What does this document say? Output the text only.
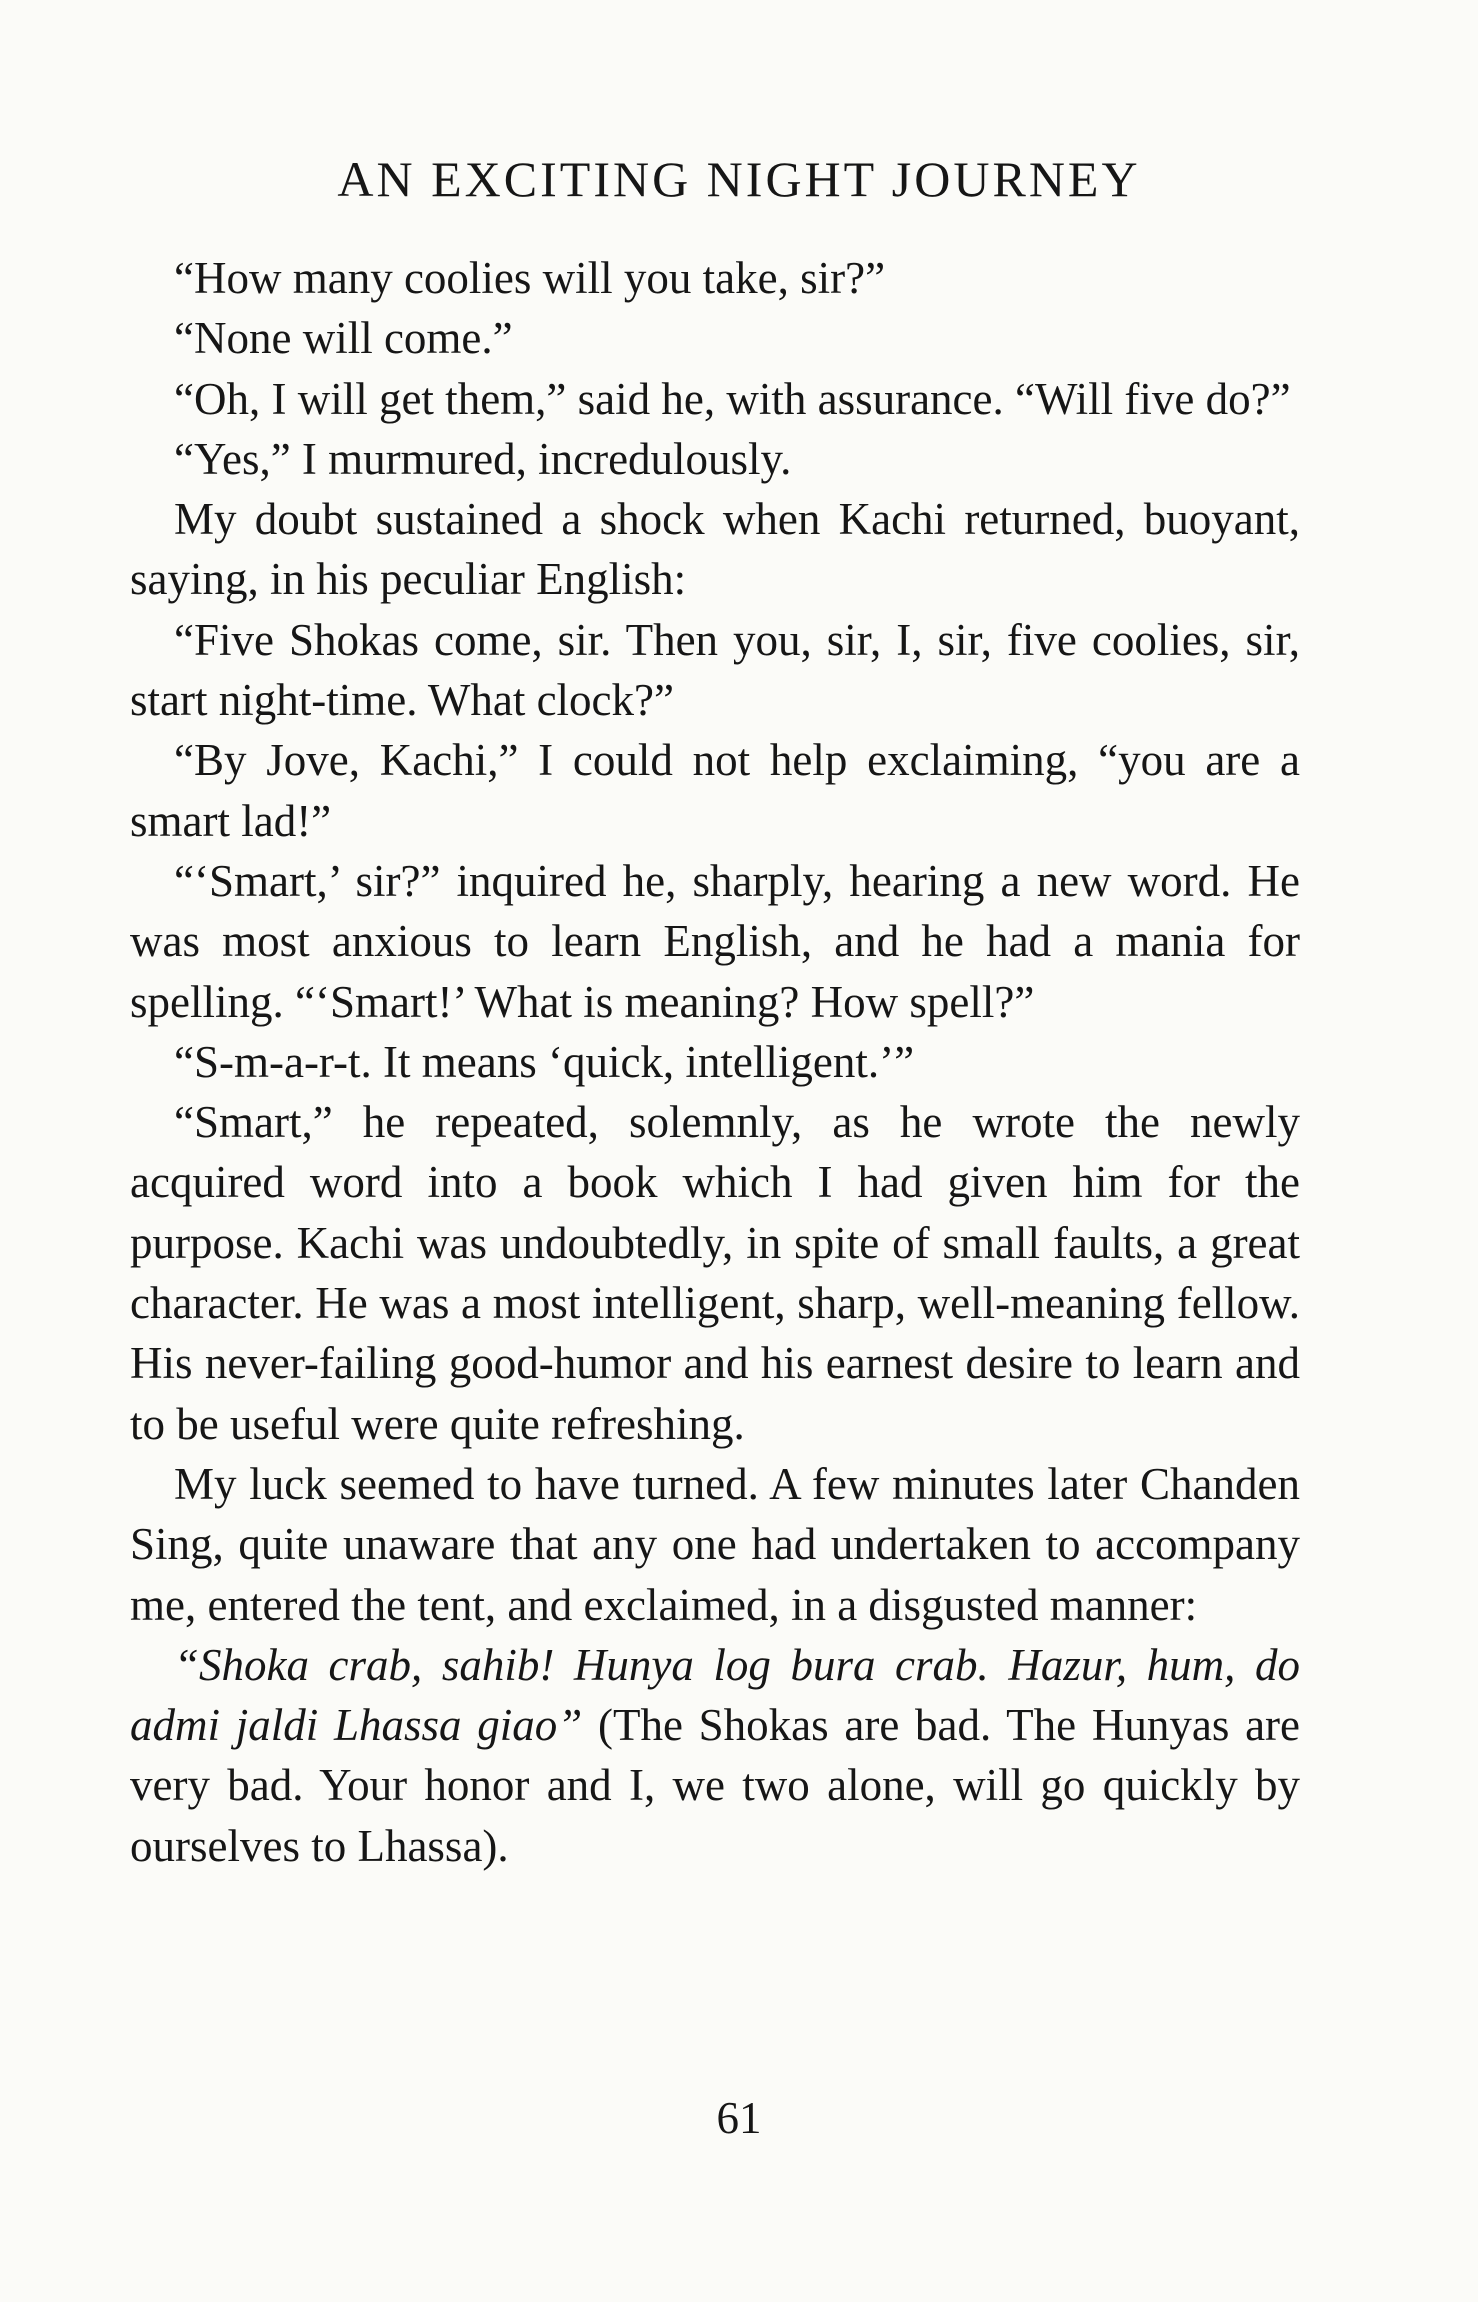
AN EXCITING NIGHT JOURNEY

“How many coolies will you take, sir?”

“None will come.”

“Oh, I will get them,” said he, with assurance. “Will five do?”

“Yes,” I murmured, incredulously.

My doubt sustained a shock when Kachi returned, buoyant, saying, in his peculiar English:

“Five Shokas come, sir. Then you, sir, I, sir, five coolies, sir, start night-time. What clock?”

“By Jove, Kachi,” I could not help exclaiming, “you are a smart lad!”

“‘Smart,’ sir?” inquired he, sharply, hearing a new word. He was most anxious to learn English, and he had a mania for spelling. “‘Smart!’ What is meaning? How spell?”

“S-m-a-r-t. It means ‘quick, intelligent.’”

“Smart,” he repeated, solemnly, as he wrote the newly acquired word into a book which I had given him for the purpose. Kachi was undoubtedly, in spite of small faults, a great character. He was a most intelligent, sharp, well-meaning fellow. His never-failing good-humor and his earnest desire to learn and to be useful were quite refreshing.

My luck seemed to have turned. A few minutes later Chanden Sing, quite unaware that any one had undertaken to accompany me, entered the tent, and exclaimed, in a disgusted manner:

“Shoka crab, sahib! Hunya log bura crab. Hazur, hum, do admi jaldi Lhassa giao” (The Shokas are bad. The Hunyas are very bad. Your honor and I, we two alone, will go quickly by ourselves to Lhassa).

61
